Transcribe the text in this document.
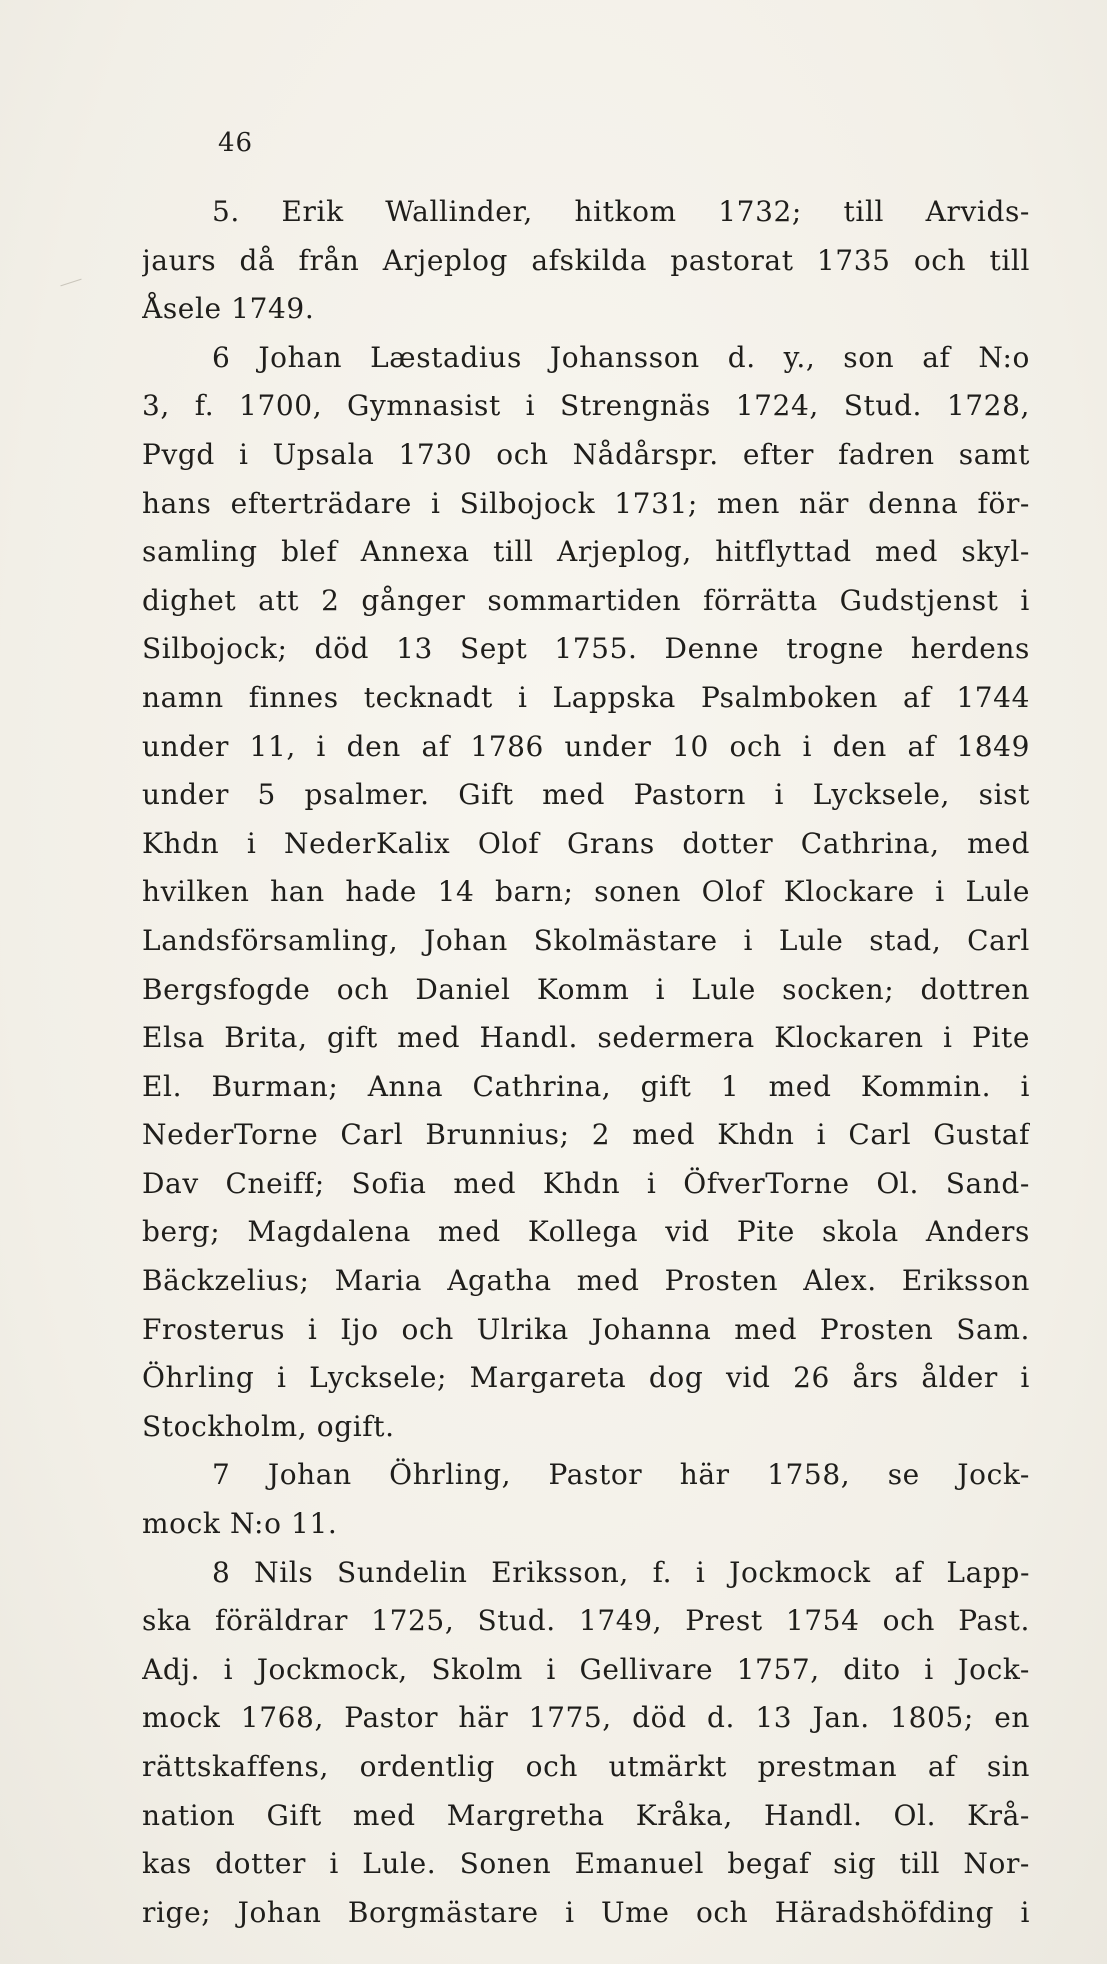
46
5. Erik Wallinder, hitkom 1732; till Arvids-
jaurs då från Arjeplog afskilda pastorat 1735 och till
Åsele 1749.
6 Johan Læstadius Johansson d. y., son af N:o
3, f. 1700, Gymnasist i Strengnäs 1724, Stud. 1728,
Pvgd i Upsala 1730 och Nådårspr. efter fadren samt
hans efterträdare i Silbojock 1731; men när denna för-
samling blef Annexa till Arjeplog, hitflyttad med skyl-
dighet att 2 gånger sommartiden förrätta Gudstjenst i
Silbojock; död 13 Sept 1755. Denne trogne herdens
namn finnes tecknadt i Lappska Psalmboken af 1744
under 11, i den af 1786 under 10 och i den af 1849
under 5 psalmer. Gift med Pastorn i Lycksele, sist
Khdn i NederKalix Olof Grans dotter Cathrina, med
hvilken han hade 14 barn; sonen Olof Klockare i Lule
Landsförsamling, Johan Skolmästare i Lule stad, Carl
Bergsfogde och Daniel Komm i Lule socken; dottren
Elsa Brita, gift med Handl. sedermera Klockaren i Pite
El. Burman; Anna Cathrina, gift 1 med Kommin. i
NederTorne Carl Brunnius; 2 med Khdn i Carl Gustaf
Dav Cneiff; Sofia med Khdn i ÖfverTorne Ol. Sand-
berg; Magdalena med Kollega vid Pite skola Anders
Bäckzelius; Maria Agatha med Prosten Alex. Eriksson
Frosterus i Ijo och Ulrika Johanna med Prosten Sam.
Öhrling i Lycksele; Margareta dog vid 26 års ålder i
Stockholm, ogift.
7 Johan Öhrling, Pastor här 1758, se Jock-
mock N:o 11.
8 Nils Sundelin Eriksson, f. i Jockmock af Lapp-
ska föräldrar 1725, Stud. 1749, Prest 1754 och Past.
Adj. i Jockmock, Skolm i Gellivare 1757, dito i Jock-
mock 1768, Pastor här 1775, död d. 13 Jan. 1805; en
rättskaffens, ordentlig och utmärkt prestman af sin
nation Gift med Margretha Kråka, Handl. Ol. Krå-
kas dotter i Lule. Sonen Emanuel begaf sig till Nor-
rige; Johan Borgmästare i Ume och Häradshöfding i
